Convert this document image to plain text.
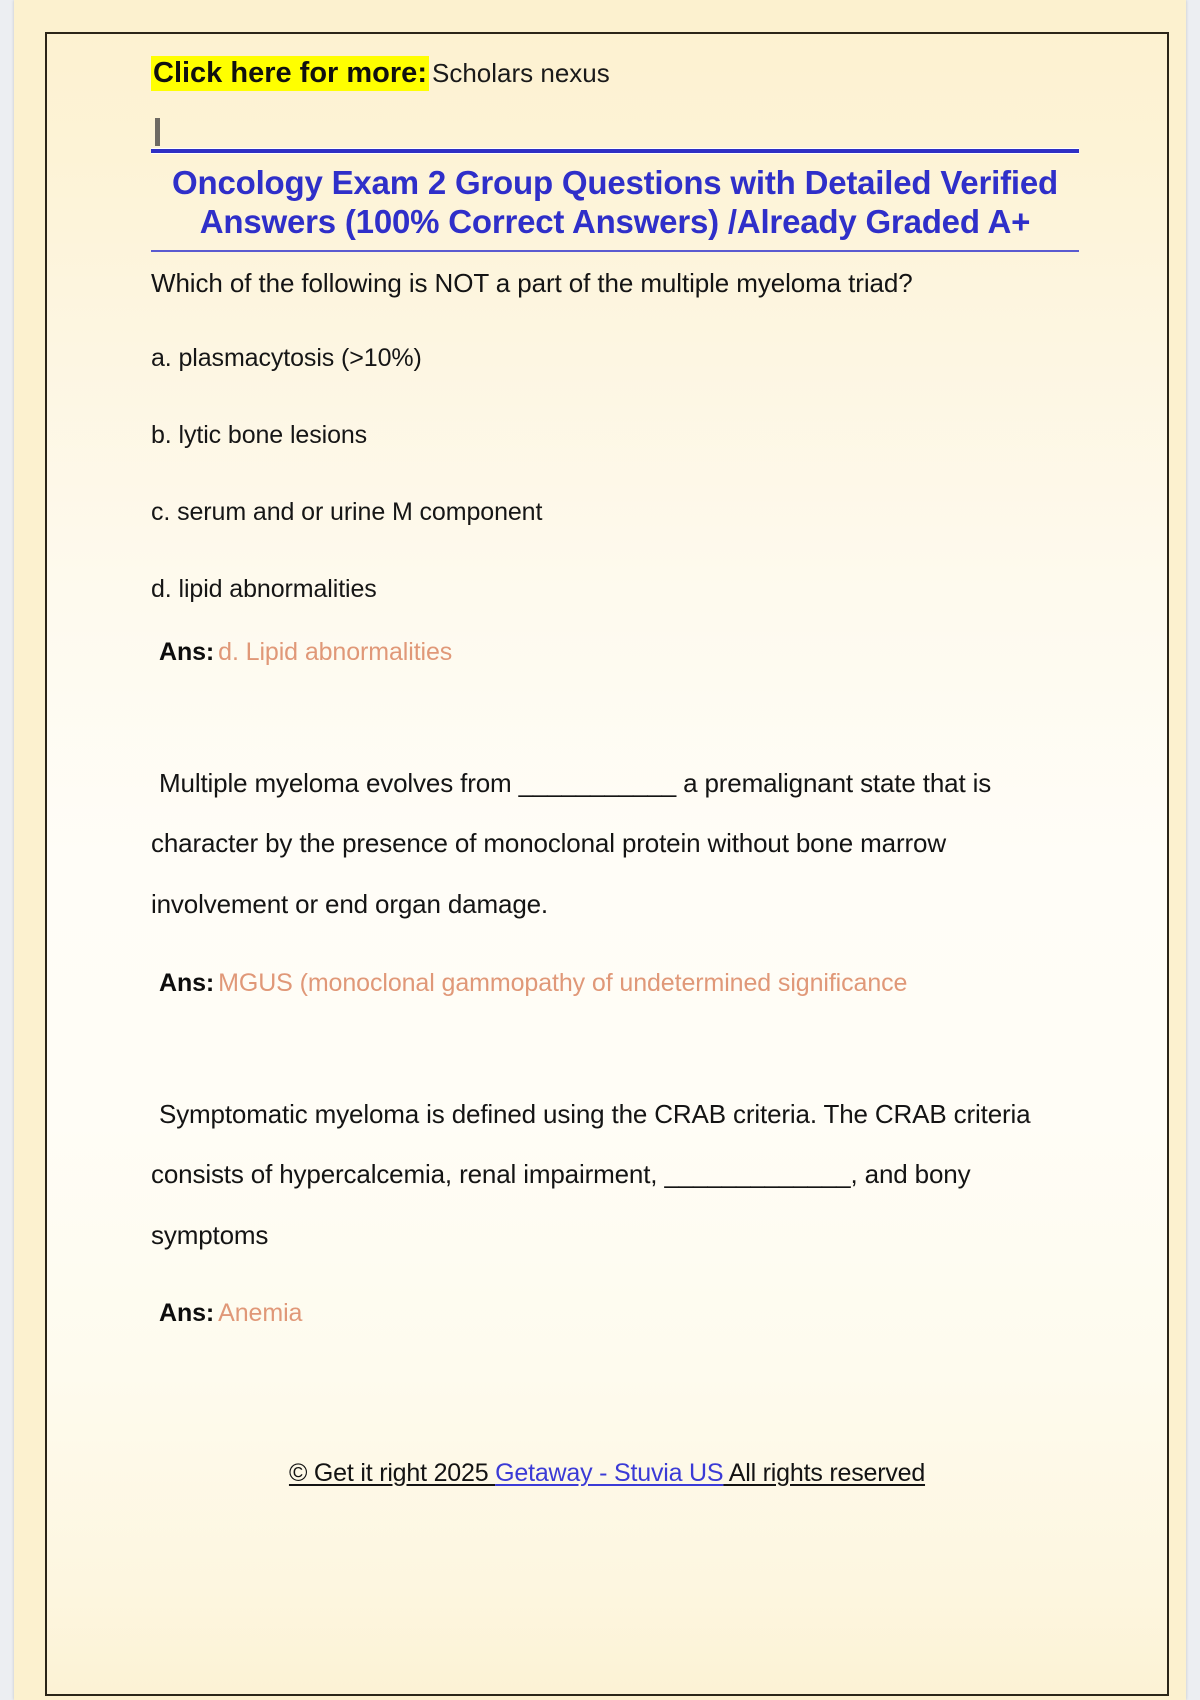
Click here for more: Scholars nexus
Oncology Exam 2 Group Questions with Detailed Verified Answers (100% Correct Answers) /Already Graded A+
Which of the following is NOT a part of the multiple myeloma triad?
a. plasmacytosis (>10%)
b. lytic bone lesions
c. serum and or urine M component
d. lipid abnormalities
Ans: d. Lipid abnormalities
Multiple myeloma evolves from ___________ a premalignant state that is
character by the presence of monoclonal protein without bone marrow
involvement or end organ damage.
Ans: MGUS (monoclonal gammopathy of undetermined significance
Symptomatic myeloma is defined using the CRAB criteria. The CRAB criteria
consists of hypercalcemia, renal impairment, _____________, and bony
symptoms
Ans: Anemia
© Get it right 2025 Getaway - Stuvia US All rights reserved
